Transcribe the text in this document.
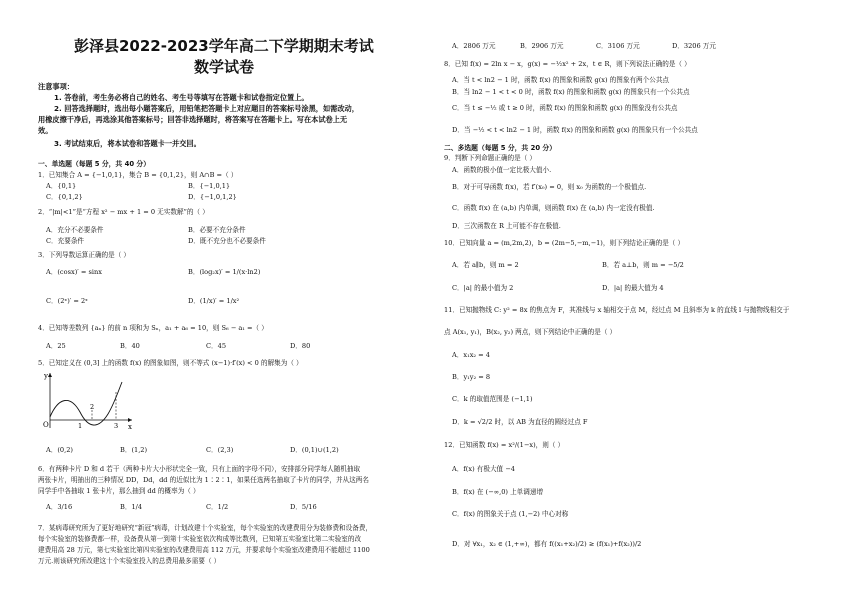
彭泽县2022-2023学年高二下学期期末考试
数学试卷
注意事项：
1. 答卷前，考生务必将自己的姓名、考生号等填写在答题卡和试卷指定位置上。
2. 回答选择题时，选出每小题答案后，用铅笔把答题卡上对应题目的答案标号涂黑，如需改动，
用橡皮擦干净后，再选涂其他答案标号；回答非选择题时，将答案写在答题卡上。写在本试卷上无
效。
3. 考试结束后，将本试卷和答题卡一并交回。
一、单选题（每题 5 分，共 40 分）
1．已知集合 A = {−1,0,1}，集合 B = {0,1,2}，则 A∩B =（ ）
A．{0,1}	B．{−1,0,1}
C．{0,1,2}	D．{−1,0,1,2}
2．“|m|<1”是“方程 x² − mx + 1 = 0 无实数解”的（ ）
A．充分不必要条件	B．必要不充分条件
C．充要条件	D．既不充分也不必要条件
3．下列导数运算正确的是（ ）
A．(cosx)′ = sinx	B．(log₂x)′ = 1/(x·ln2)
C．(2ˣ)′ = 2ˣ	D．(1/x)′ = 1/x²
4．已知等差数列 {aₙ} 的前 n 项和为 Sₙ，a₁ + a₆ = 10，则 S₆ − a₁ =（ ）
A．25	B．40	C．45	D．80
5．已知定义在 (0,3] 上的函数 f(x) 的图象如图，则不等式 (x−1)·f′(x) < 0 的解集为（ ）
y
x
O	1
2
3
A．(0,2)	B．(1,2)	C．(2,3)	D．(0,1)∪(1,2)
6．有两种卡片 D 和 d 若干（两种卡片大小形状完全一致，只有上面的字母不同），安排部分同学每人随机抽取
两张卡片，明抽出的三种情况 DD，Dd，dd 的近似比为 1∶2∶1，如果任选两名抽取了卡片的同学，并从这两名
同学手中各抽取 1 张卡片，那么抽到 dd 的概率为（ ）
A．3/16	B．1/4	C．1/2	D．5/16
7．某病毒研究所为了更好地研究“新冠”病毒，计划改建十个实验室，每个实验室的改建费用分为装修费和设备费，
每个实验室的装修费都一样，设备费从第一到第十实验室依次构成等比数列，已知第五实验室比第二实验室的改
建费用高 28 万元，第七实验室比第四实验室的改建费用高 112 万元，并要求每个实验室改建费用不能超过 1100
万元.则该研究所改建这十个实验室投入的总费用最多需要（ ）
A．2806 万元	B．2906 万元	C．3106 万元	D．3206 万元
8．已知 f(x) = 2ln x − x，g(x) = −½x² + 2x，t ∈ R，则下列说法正确的是（ ）
A．当 t < ln2 − 1 时，函数 f(x) 的图象和函数 g(x) 的图象有两个公共点
B．当 ln2 − 1 < t < 0 时，函数 f(x) 的图象和函数 g(x) 的图象只有一个公共点
C．当 t ≤ −½ 或 t ≥ 0 时，函数 f(x) 的图象和函数 g(x) 的图象没有公共点
D．当 −½ < t < ln2 − 1 时，函数 f(x) 的图象和函数 g(x) 的图象只有一个公共点
二、多选题（每题 5 分，共 20 分）
9．判断下列命题正确的是（ ）
A．函数的极小值一定比极大值小.
B．对于可导函数 f(x)，若 f′(x₀) = 0，则 x₀ 为函数的一个极值点.
C．函数 f(x) 在 (a,b) 内单调，则函数 f(x) 在 (a,b) 内一定没有极值.
D．三次函数在 R 上可能不存在极值.
10．已知向量 a = (m,2m,2)，b = (2m−5,−m,−1)，则下列结论正确的是（ ）
A．若 a∥b，则 m = 2	B．若 a⊥b，则 m = −5/2
C．|a| 的最小值为 2	D．|a| 的最大值为 4
11．已知抛物线 C: y² = 8x 的焦点为 F，其准线与 x 轴相交于点 M，经过点 M 且斜率为 k 的直线 l 与抛物线相交于
点 A(x₁, y₁)，B(x₂, y₂) 两点，则下列结论中正确的是（ ）
A．x₁x₂ = 4
B．y₁y₂ = 8
C．k 的取值范围是 (−1,1)
D．k = √2/2 时，以 AB 为直径的圆经过点 F
12．已知函数 f(x) = x²/(1−x)，则（ ）
A．f(x) 有极大值 −4
B．f(x) 在 (−∞,0) 上单调递增
C．f(x) 的图象关于点 (1,−2) 中心对称
D．对 ∀x₁，x₂ ∈ (1,+∞)，都有 f((x₁+x₂)/2) ≥ (f(x₁)+f(x₂))/2
